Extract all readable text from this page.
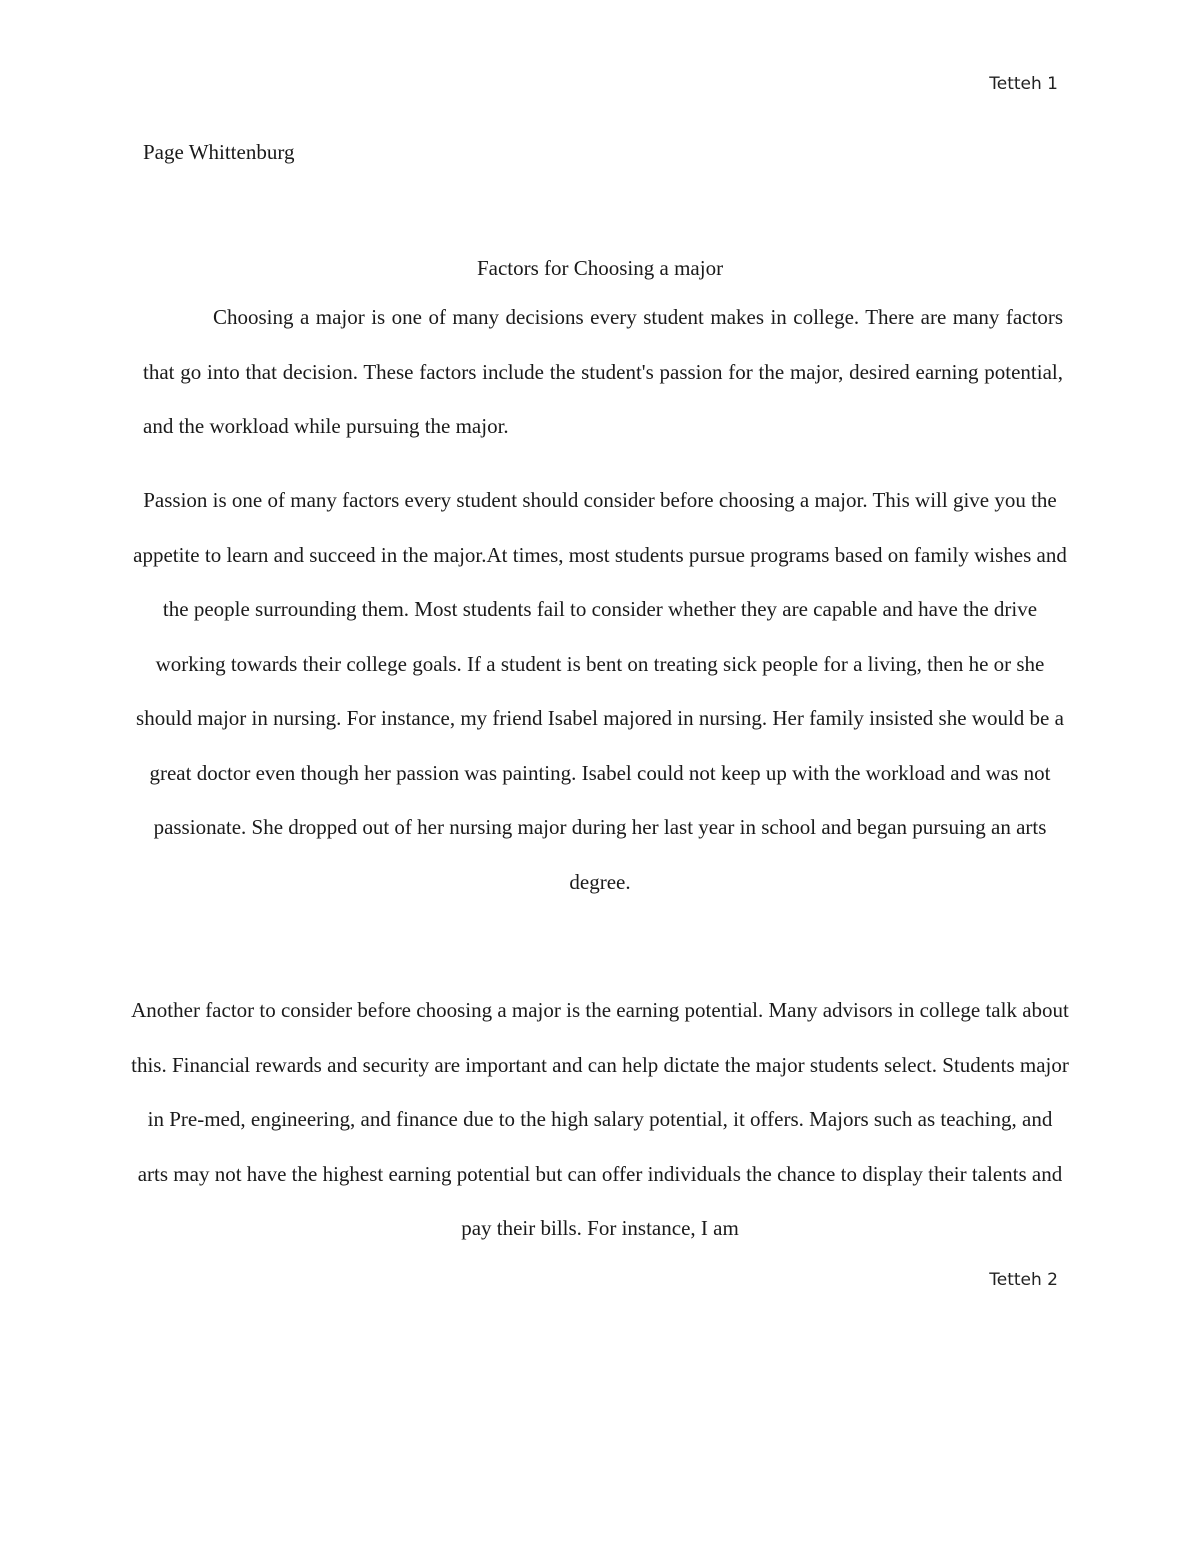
Tetteh 1
Page Whittenburg
Factors for Choosing a major

Choosing a major is one of many decisions every student makes in college. There are many factors that go into that decision. These factors include the student's passion for the major, desired earning potential, and the workload while pursuing the major.

Passion is one of many factors every student should consider before choosing a major. This will give you the appetite to learn and succeed in the major.At times, most students pursue programs based on family wishes and the people surrounding them. Most students fail to consider whether they are capable and have the drive working towards their college goals. If a student is bent on treating sick people for a living, then he or she should major in nursing. For instance, my friend Isabel majored in nursing. Her family insisted she would be a great doctor even though her passion was painting. Isabel could not keep up with the workload and was not passionate. She dropped out of her nursing major during her last year in school and began pursuing an arts degree.

Another factor to consider before choosing a major is the earning potential. Many advisors in college talk about this. Financial rewards and security are important and can help dictate the major students select. Students major in Pre-med, engineering, and finance due to the high salary potential, it offers. Majors such as teaching, and arts may not have the highest earning potential but can offer individuals the chance to display their talents and pay their bills. For instance, I am

Tetteh 2
